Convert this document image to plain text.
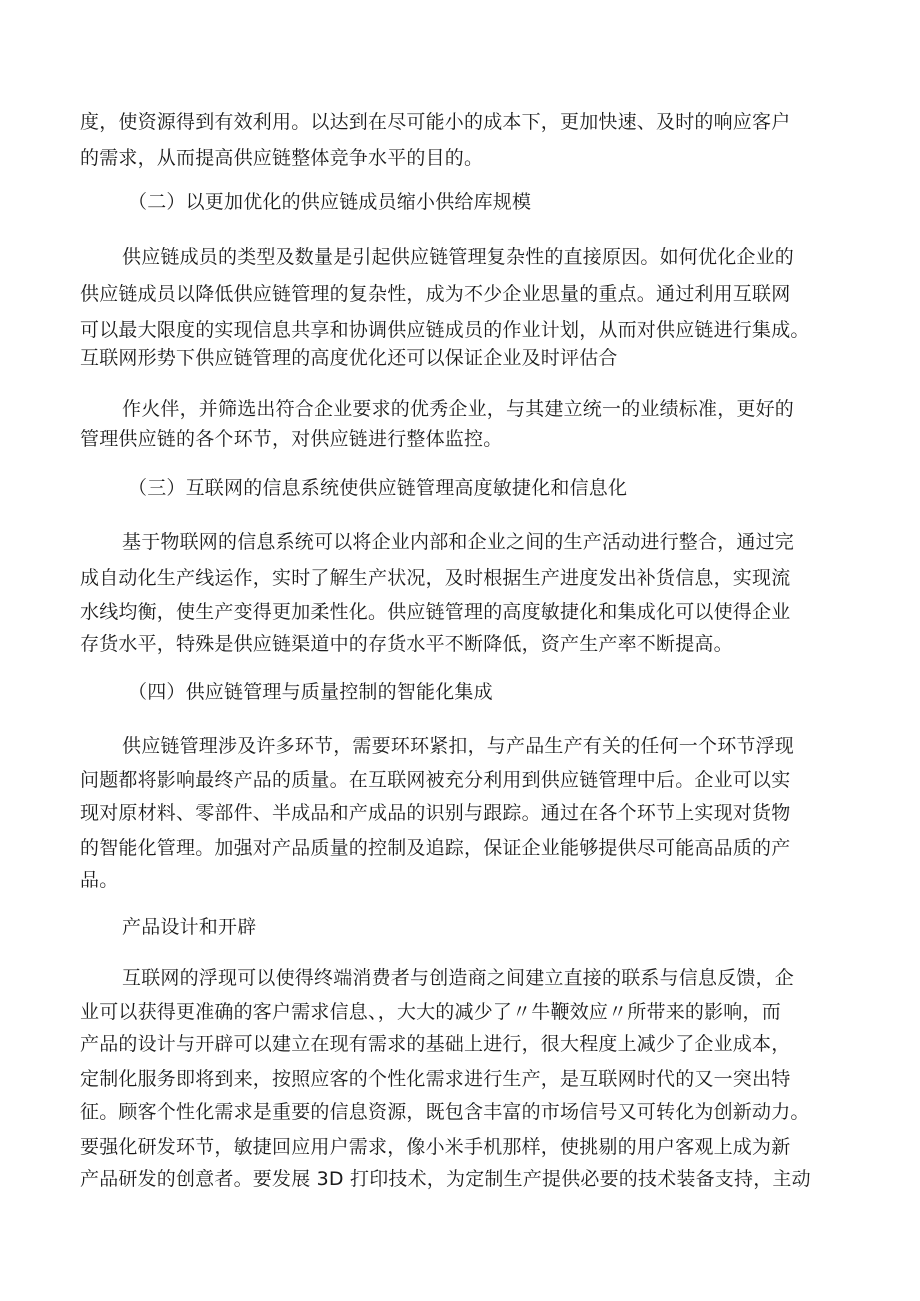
度，使资源得到有效利用。以达到在尽可能小的成本下，更加快速、及时的响应客户
的需求，从而提高供应链整体竞争水平的目的。
（二）以更加优化的供应链成员缩小供给库规模
供应链成员的类型及数量是引起供应链管理复杂性的直接原因。如何优化企业的
供应链成员以降低供应链管理的复杂性，成为不少企业思量的重点。通过利用互联网
可以最大限度的实现信息共享和协调供应链成员的作业计划，从而对供应链进行集成。
互联网形势下供应链管理的高度优化还可以保证企业及时评估合
作火伴，并筛选出符合企业要求的优秀企业，与其建立统一的业绩标准，更好的
管理供应链的各个环节，对供应链进行整体监控。
（三）互联网的信息系统使供应链管理高度敏捷化和信息化
基于物联网的信息系统可以将企业内部和企业之间的生产活动进行整合，通过完
成自动化生产线运作，实时了解生产状况，及时根据生产进度发出补货信息，实现流
水线均衡，使生产变得更加柔性化。供应链管理的高度敏捷化和集成化可以使得企业
存货水平，特殊是供应链渠道中的存货水平不断降低，资产生产率不断提高。
（四）供应链管理与质量控制的智能化集成
供应链管理涉及许多环节，需要环环紧扣，与产品生产有关的任何一个环节浮现
问题都将影响最终产品的质量。在互联网被充分利用到供应链管理中后。企业可以实
现对原材料、零部件、半成品和产成品的识别与跟踪。通过在各个环节上实现对货物
的智能化管理。加强对产品质量的控制及追踪，保证企业能够提供尽可能高品质的产
品。
产品设计和开辟
互联网的浮现可以使得终端消费者与创造商之间建立直接的联系与信息反馈，企
业可以获得更准确的客户需求信息、，大大的减少了〃牛鞭效应〃所带来的影响，而
产品的设计与开辟可以建立在现有需求的基础上进行，很大程度上减少了企业成本，
定制化服务即将到来，按照应客的个性化需求进行生产，是互联网时代的又一突出特
征。顾客个性化需求是重要的信息资源，既包含丰富的市场信号又可转化为创新动力。
要强化研发环节，敏捷回应用户需求，像小米手机那样，使挑剔的用户客观上成为新
产品研发的创意者。要发展 3D 打印技术，为定制生产提供必要的技术装备支持，主动
